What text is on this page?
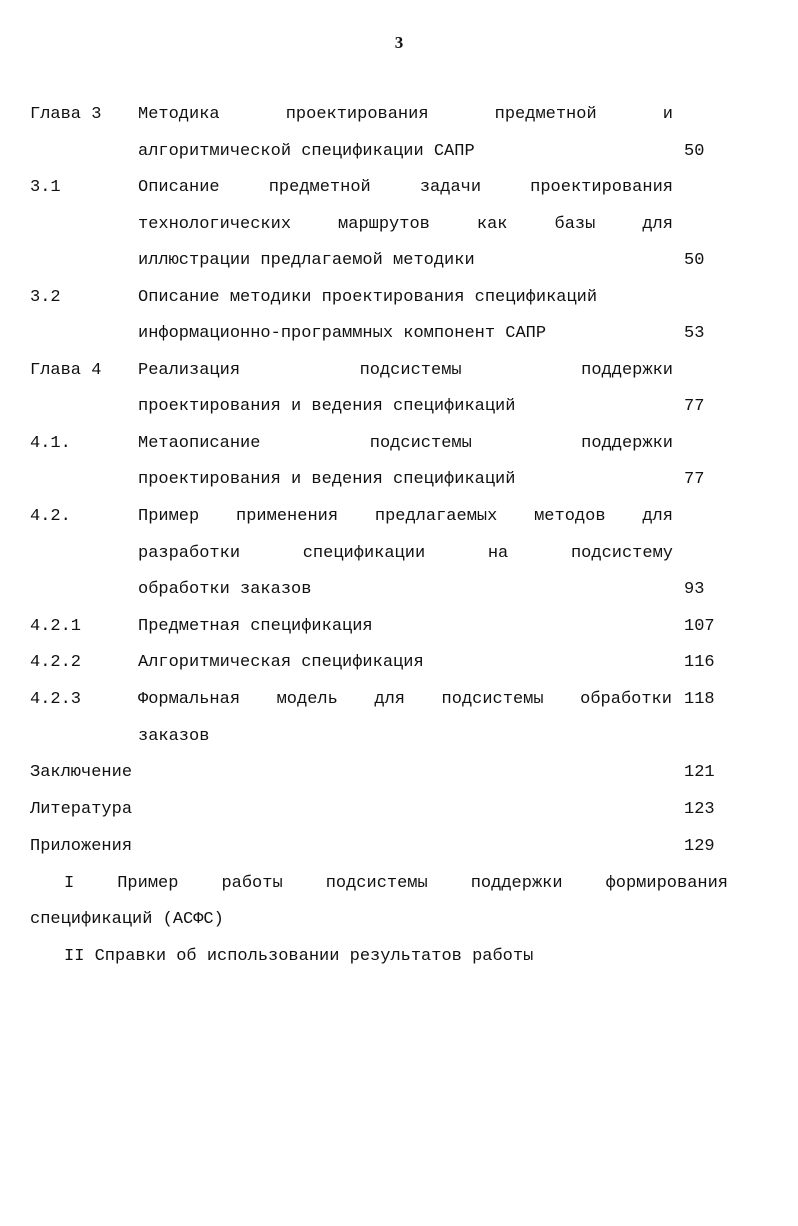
3
Глава 3 Методика	проектирования	предметной	и
алгоритмической спецификации САПР	50
3.1	Описание	предметной	задачи	проектирования
технологических	маршрутов	как	базы	для
иллюстрации предлагаемой методики	50
3.2	Описание методики проектирования спецификаций
информационно-программных компонент САПР	53
Глава 4 Реализация	подсистемы	поддержки
проектирования и ведения спецификаций	77
4.1.	Метаописание	подсистемы	поддержки
проектирования и ведения спецификаций	77
4.2.	Пример применения предлагаемых методов для
разработки	спецификации	на	подсистему
обработки заказов	93
4.2.1	Предметная спецификация	107
4.2.2	Алгоритмическая спецификация	116
4.2.3	Формальная модель для подсистемы обработки 118
заказов
Заключение	121
Литература	123
Приложения	129
I	Пример	работы	подсистемы	поддержки	формирования
спецификаций (АСФС)
II Справки об использовании результатов работы
